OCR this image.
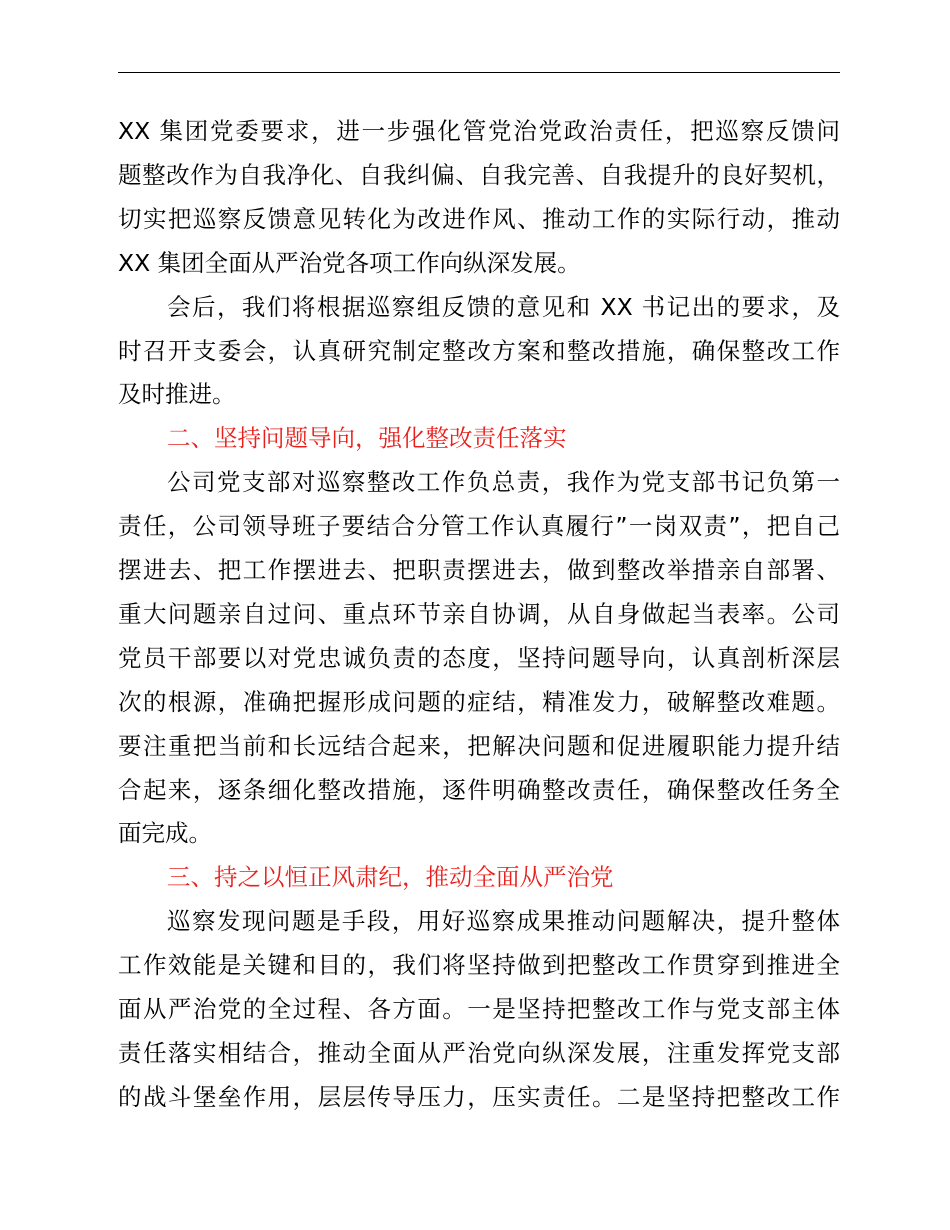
XX 集团党委要求，进一步强化管党治党政治责任，把巡察反馈问
题整改作为自我净化、自我纠偏、自我完善、自我提升的良好契机，
切实把巡察反馈意见转化为改进作风、推动工作的实际行动，推动
XX 集团全面从严治党各项工作向纵深发展。
会后，我们将根据巡察组反馈的意见和 XX 书记出的要求，及
时召开支委会，认真研究制定整改方案和整改措施，确保整改工作
及时推进。
二、坚持问题导向，强化整改责任落实
公司党支部对巡察整改工作负总责，我作为党支部书记负第一
责任，公司领导班子要结合分管工作认真履行”一岗双责”，把自己
摆进去、把工作摆进去、把职责摆进去，做到整改举措亲自部署、
重大问题亲自过问、重点环节亲自协调，从自身做起当表率。公司
党员干部要以对党忠诚负责的态度，坚持问题导向，认真剖析深层
次的根源，准确把握形成问题的症结，精准发力，破解整改难题。
要注重把当前和长远结合起来，把解决问题和促进履职能力提升结
合起来，逐条细化整改措施，逐件明确整改责任，确保整改任务全
面完成。
三、持之以恒正风肃纪，推动全面从严治党
巡察发现问题是手段，用好巡察成果推动问题解决，提升整体
工作效能是关键和目的，我们将坚持做到把整改工作贯穿到推进全
面从严治党的全过程、各方面。一是坚持把整改工作与党支部主体
责任落实相结合，推动全面从严治党向纵深发展，注重发挥党支部
的战斗堡垒作用，层层传导压力，压实责任。二是坚持把整改工作
